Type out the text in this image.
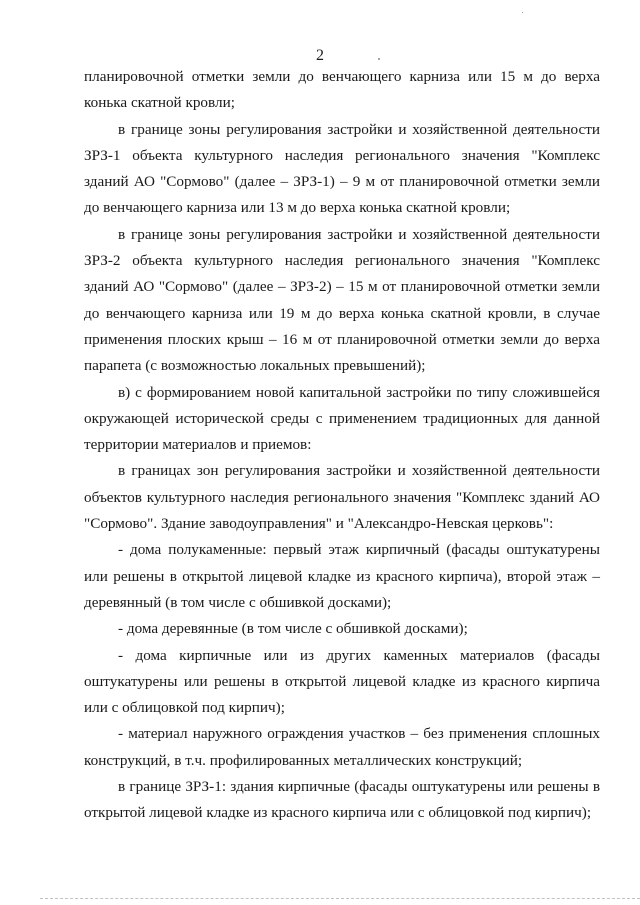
2

планировочной отметки земли до венчающего карниза или 15 м до верха конька скатной кровли;

в границе зоны регулирования застройки и хозяйственной деятельности ЗРЗ-1 объекта культурного наследия регионального значения "Комплекс зданий АО "Сормово" (далее – ЗРЗ-1) – 9 м от планировочной отметки земли до венчающего карниза или 13 м до верха конька скатной кровли;

в границе зоны регулирования застройки и хозяйственной деятельности ЗРЗ-2 объекта культурного наследия регионального значения "Комплекс зданий АО "Сормово" (далее – ЗРЗ-2) – 15 м от планировочной отметки земли до венчающего карниза или 19 м до верха конька скатной кровли, в случае применения плоских крыш – 16 м от планировочной отметки земли до верха парапета (с возможностью локальных превышений);

в) с формированием новой капитальной застройки по типу сложившейся окружающей исторической среды с применением традиционных для данной территории материалов и приемов:

в границах зон регулирования застройки и хозяйственной деятельности объектов культурного наследия регионального значения "Комплекс зданий АО "Сормово". Здание заводоуправления" и "Александро-Невская церковь":

- дома полукаменные: первый этаж кирпичный (фасады оштукатурены или решены в открытой лицевой кладке из красного кирпича), второй этаж – деревянный (в том числе с обшивкой досками);

- дома деревянные (в том числе с обшивкой досками);

- дома кирпичные или из других каменных материалов (фасады оштукатурены или решены в открытой лицевой кладке из красного кирпича или с облицовкой под кирпич);

- материал наружного ограждения участков – без применения сплошных конструкций, в т.ч. профилированных металлических конструкций;

в границе ЗРЗ-1: здания кирпичные (фасады оштукатурены или решены в открытой лицевой кладке из красного кирпича или с облицовкой под кирпич);
